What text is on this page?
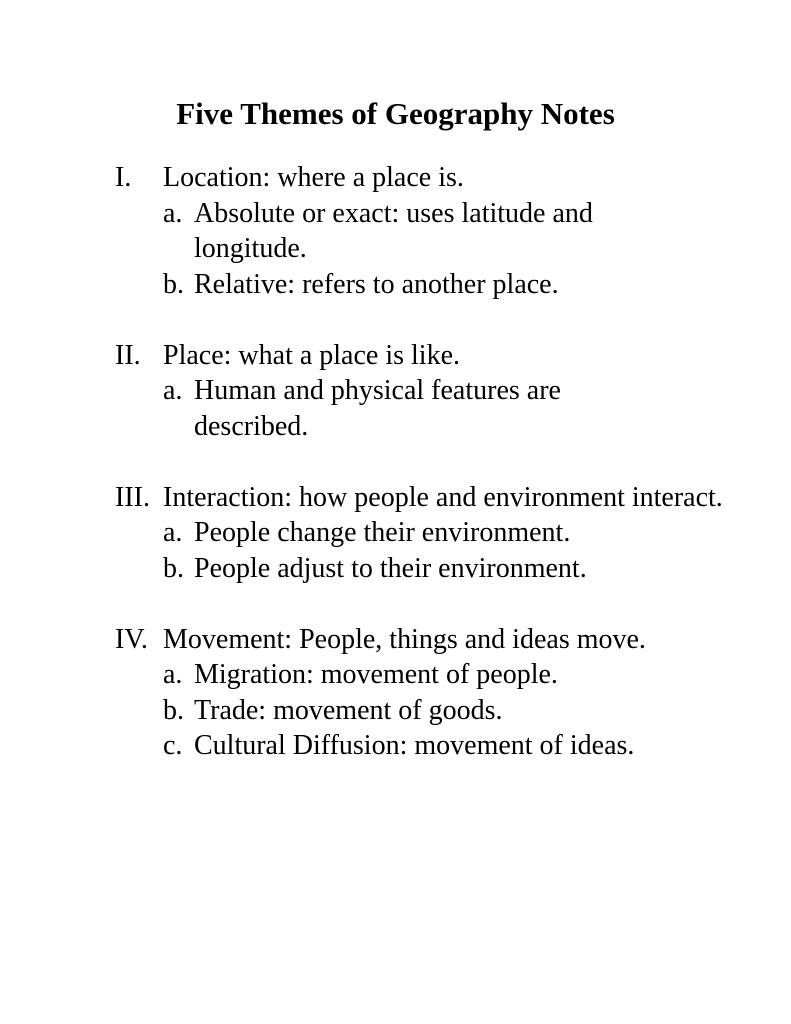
Five Themes of Geography Notes
I.	Location: where a place is.
a. Absolute or exact: uses latitude and longitude.
b. Relative: refers to another place.
II. Place: what a place is like.
a. Human and physical features are described.
III. Interaction: how people and environment interact.
a. People change their environment.
b. People adjust to their environment.
IV. Movement: People, things and ideas move.
a. Migration: movement of people.
b. Trade: movement of goods.
c. Cultural Diffusion: movement of ideas.
